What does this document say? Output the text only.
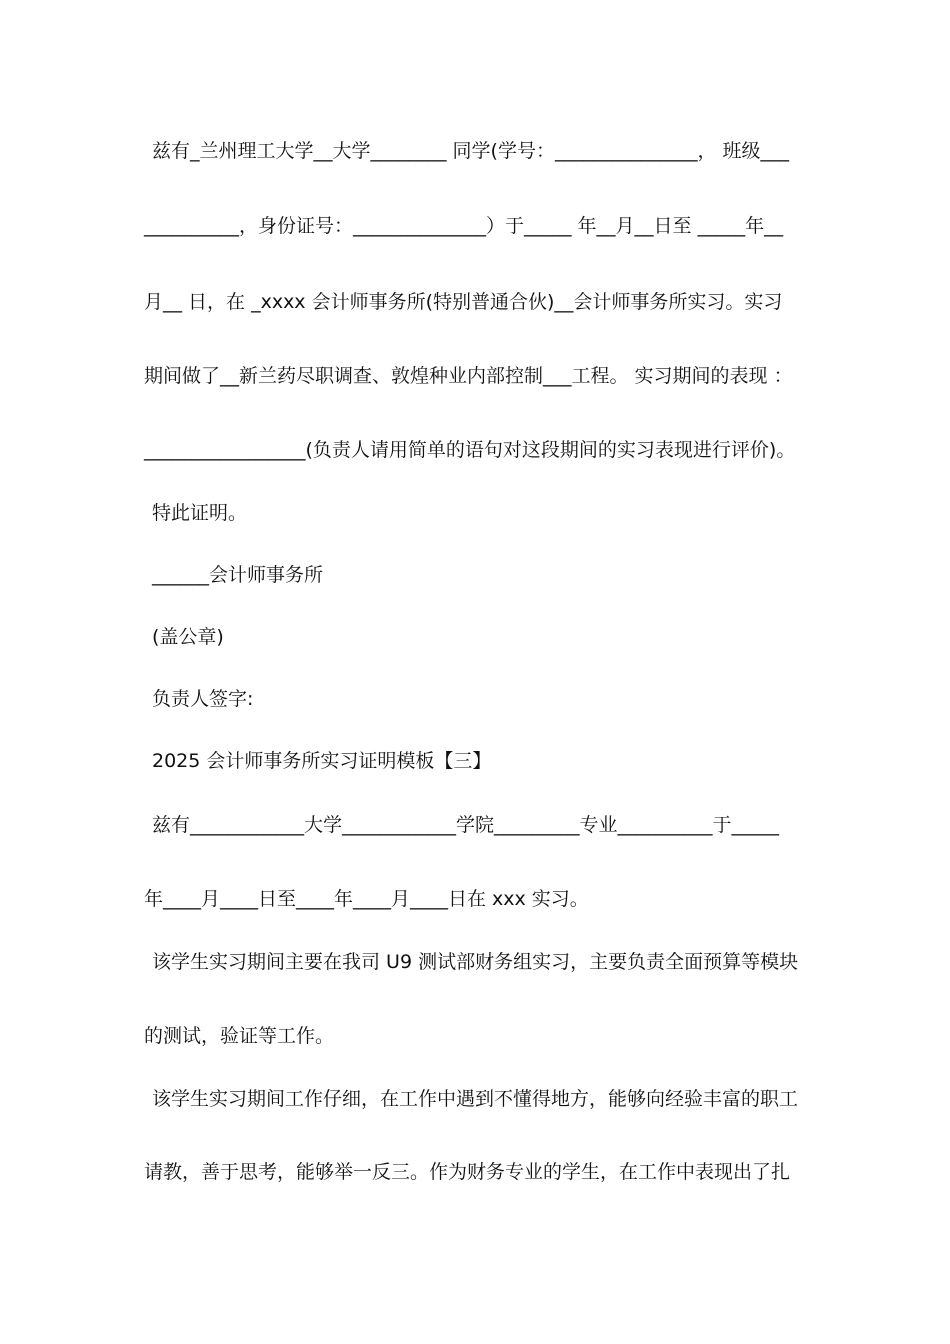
兹有_兰州理工大学__大学________ 同学(学号：_______________， 班级___
__________，身份证号：______________）于_____ 年__月__日至 _____年__
月__ 日，在 _xxxx 会计师事务所(特别普通合伙)__会计师事务所实习。实习
期间做了__新兰药尽职调查、敦煌种业内部控制___工程。 实习期间的表现 ：
_________________(负责人请用简单的语句对这段期间的实习表现进行评价)。
特此证明。
______会计师事务所
(盖公章)
负责人签字:
2025 会计师事务所实习证明模板【三】
兹有____________大学____________学院_________专业__________于_____
年____月____日至____年____月____日在 xxx 实习。
该学生实习期间主要在我司 U9 测试部财务组实习，主要负责全面预算等模块
的测试，验证等工作。
该学生实习期间工作仔细，在工作中遇到不懂得地方，能够向经验丰富的职工
请教，善于思考，能够举一反三。作为财务专业的学生，在工作中表现出了扎
